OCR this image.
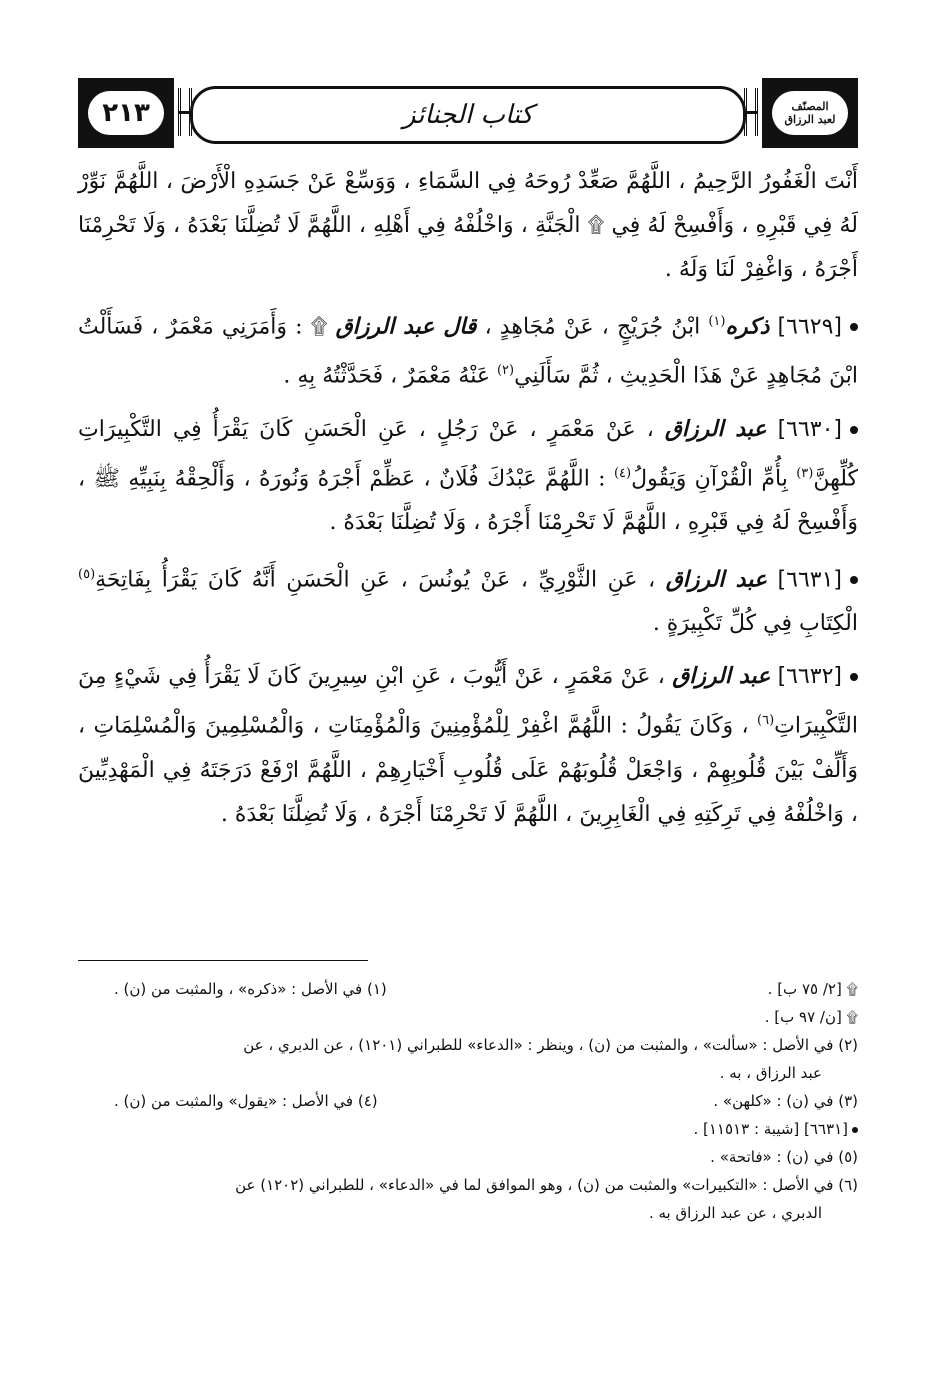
المصنّف
لعبد الرزاق
كتاب الجنائز
٢١٣

أَنْتَ الْغَفُورُ الرَّحِيمُ ، اللَّهُمَّ صَعِّدْ رُوحَهُ فِي السَّمَاءِ ، وَوَسِّعْ عَنْ جَسَدِهِ الْأَرْضَ ، اللَّهُمَّ نَوِّرْ لَهُ فِي قَبْرِهِ ، وَأَفْسِحْ لَهُ فِي ۩ الْجَنَّةِ ، وَاخْلُفْهُ فِي أَهْلِهِ ، اللَّهُمَّ لَا تُضِلَّنَا بَعْدَهُ ، وَلَا تَحْرِمْنَا أَجْرَهُ ، وَاغْفِرْ لَنَا وَلَهُ .

[٦٦٢٩] ذكره$^{(١)}$ ابْنُ جُرَيْجٍ ، عَنْ مُجَاهِدٍ ، قال عبد الرزاق ۩ : وَأَمَرَنِي مَعْمَرٌ ، فَسَأَلْتُ ابْنَ مُجَاهِدٍ عَنْ هَذَا الْحَدِيثِ ، ثُمَّ سَأَلَنِي$^{(٢)}$ عَنْهُ مَعْمَرٌ ، فَحَدَّثْتُهُ بِهِ .

[٦٦٣٠] عبد الرزاق ، عَنْ مَعْمَرٍ ، عَنْ رَجُلٍ ، عَنِ الْحَسَنِ كَانَ يَقْرَأُ فِي التَّكْبِيرَاتِ كُلِّهِنَّ$^{(٣)}$ بِأُمِّ الْقُرْآنِ وَيَقُولُ$^{(٤)}$ : اللَّهُمَّ عَبْدُكَ فُلَانٌ ، عَظِّمْ أَجْرَهُ وَنُورَهُ ، وَأَلْحِقْهُ بِنَبِيِّهِ ﷺ ، وَأَفْسِحْ لَهُ فِي قَبْرِهِ ، اللَّهُمَّ لَا تَحْرِمْنَا أَجْرَهُ ، وَلَا تُضِلَّنَا بَعْدَهُ .

[٦٦٣١] عبد الرزاق ، عَنِ الثَّوْرِيِّ ، عَنْ يُونُسَ ، عَنِ الْحَسَنِ أَنَّهُ كَانَ يَقْرَأُ بِفَاتِحَةِ$^{(٥)}$ الْكِتَابِ فِي كُلِّ تَكْبِيرَةٍ .

[٦٦٣٢] عبد الرزاق ، عَنْ مَعْمَرٍ ، عَنْ أَيُّوبَ ، عَنِ ابْنِ سِيرِينَ كَانَ لَا يَقْرَأُ فِي شَيْءٍ مِنَ التَّكْبِيرَاتِ$^{(٦)}$ ، وَكَانَ يَقُولُ : اللَّهُمَّ اغْفِرْ لِلْمُؤْمِنِينَ وَالْمُؤْمِنَاتِ ، وَالْمُسْلِمِينَ وَالْمُسْلِمَاتِ ، وَأَلِّفْ بَيْنَ قُلُوبِهِمْ ، وَاجْعَلْ قُلُوبَهُمْ عَلَى قُلُوبِ أَخْيَارِهِمْ ، اللَّهُمَّ ارْفَعْ دَرَجَتَهُ فِي الْمَهْدِيِّينَ ، وَاخْلُفْهُ فِي تَرِكَتِهِ فِي الْغَابِرِينَ ، اللَّهُمَّ لَا تَحْرِمْنَا أَجْرَهُ ، وَلَا تُضِلَّنَا بَعْدَهُ .

۩ [٢/ ٧٥ ب] .
(١) في الأصل : «ذكره» ، والمثبت من (ن) .

۩ [ن/ ٩٧ ب] .

(٢) في الأصل : «سألت» ، والمثبت من (ن) ، وينظر : «الدعاء» للطبراني (١٢٠١) ، عن الدبري ، عن

عبد الرزاق ، به .

(٣) في (ن) : «كلهن» .
(٤) في الأصل : «يقول» والمثبت من (ن) .

[٦٦٣١] [شيبة : ١١٥١٣] .

(٥) في (ن) : «فاتحة» .

(٦) في الأصل : «التكبيرات» والمثبت من (ن) ، وهو الموافق لما في «الدعاء» ، للطبراني (١٢٠٢) عن

الدبري ، عن عبد الرزاق به .
